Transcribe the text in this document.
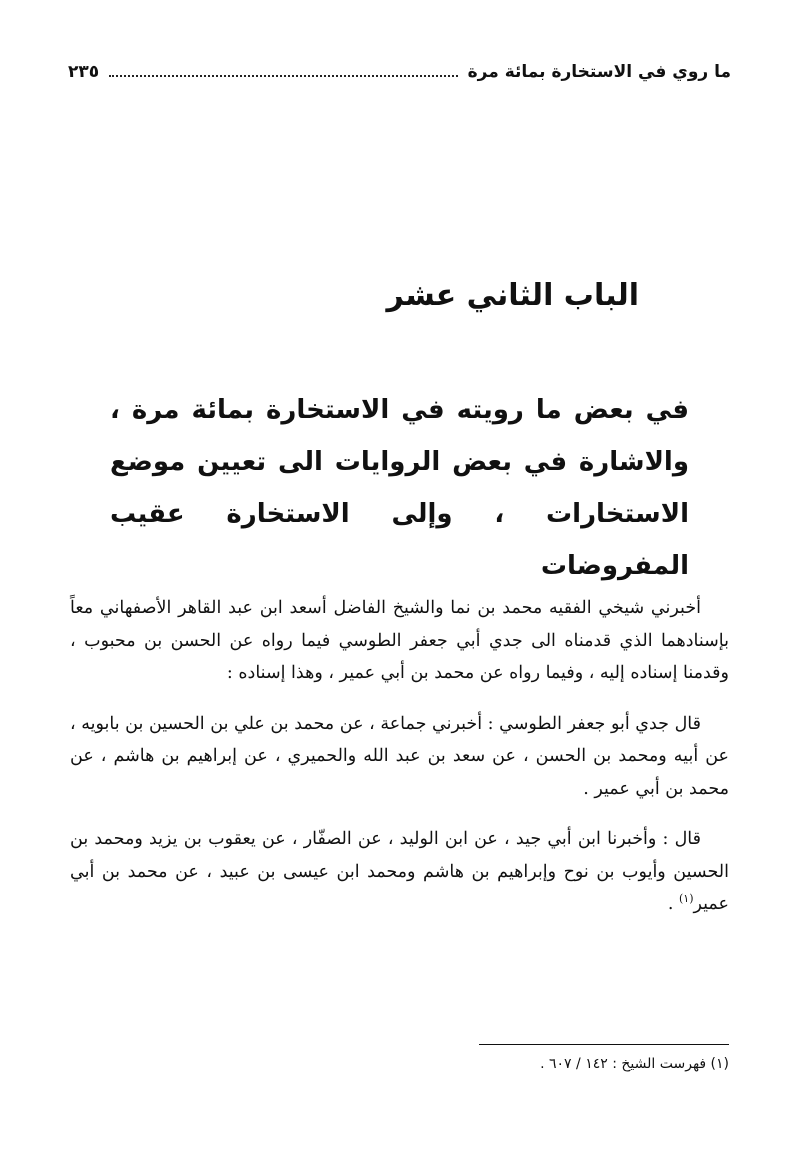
ما روي في الاستخارة بمائة مرة
٢٣٥
الباب الثاني عشر
في بعض ما رويته في الاستخارة بمائة مرة ، والاشارة في بعض الروايات الى تعيين موضع الاستخارات ، وإلى الاستخارة عقيب المفروضات

أخبرني شيخي الفقيه محمد بن نما والشيخ الفاضل أسعد ابن عبد القاهر الأصفهاني معاً بإسنادهما الذي قدمناه الى جدي أبي جعفر الطوسي فيما رواه عن الحسن بن محبوب ، وقدمنا إسناده إليه ، وفيما رواه عن محمد بن أبي عمير ، وهذا إسناده :

قال جدي أبو جعفر الطوسي : أخبرني جماعة ، عن محمد بن علي بن الحسين بن بابويه ، عن أبيه ومحمد بن الحسن ، عن سعد بن عبد الله والحميري ، عن إبراهيم بن هاشم ، عن محمد بن أبي عمير .

قال : وأخبرنا ابن أبي جيد ، عن ابن الوليد ، عن الصفّار ، عن يعقوب بن يزيد ومحمد بن الحسين وأيوب بن نوح وإبراهيم بن هاشم ومحمد ابن عيسى بن عبيد ، عن محمد بن أبي عمير$^{(١)}$ .

(١) فهرست الشيخ : ١٤٢ / ٦٠٧ .
